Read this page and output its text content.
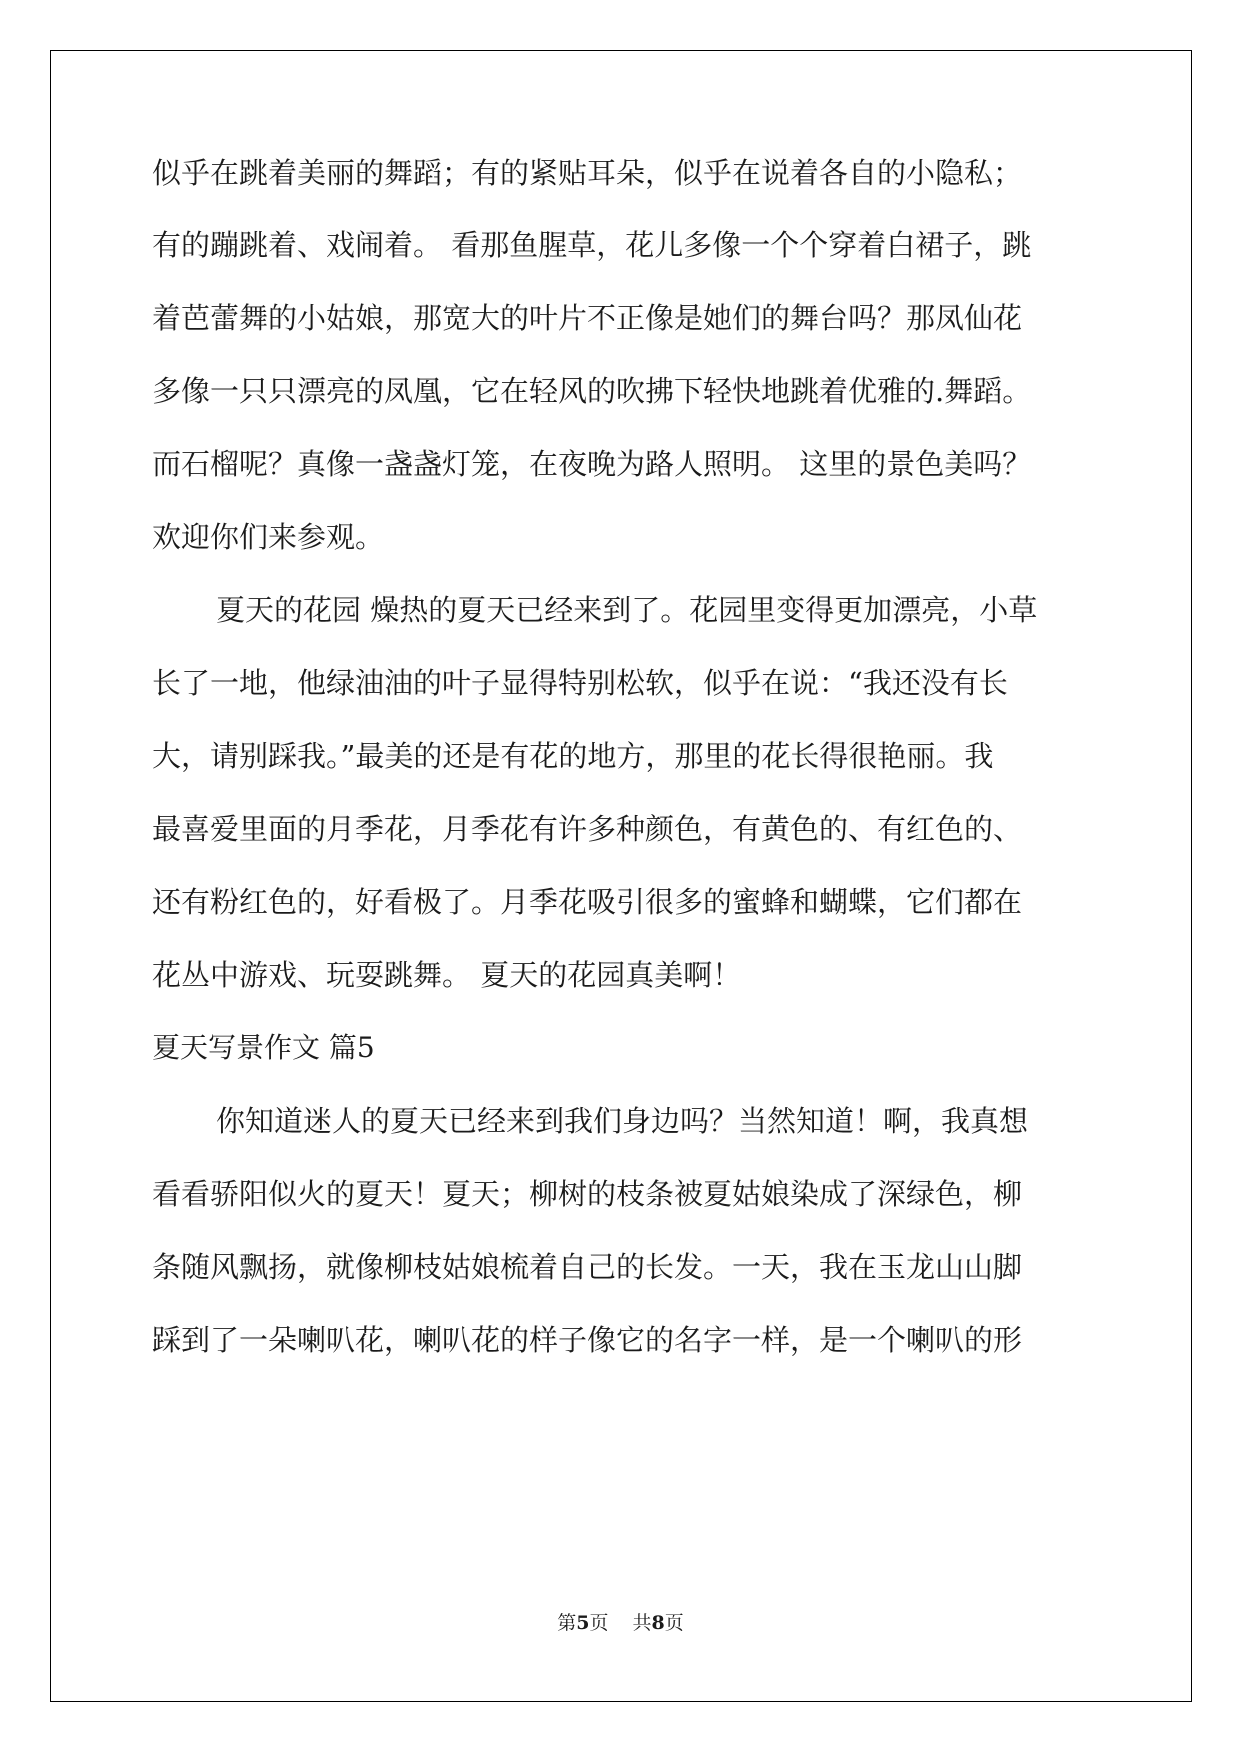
似乎在跳着美丽的舞蹈；有的紧贴耳朵，似乎在说着各自的小隐私；
有的蹦跳着、戏闹着。 看那鱼腥草，花儿多像一个个穿着白裙子，跳
着芭蕾舞的小姑娘，那宽大的叶片不正像是她们的舞台吗？那凤仙花
多像一只只漂亮的凤凰，它在轻风的吹拂下轻快地跳着优雅的.舞蹈。
而石榴呢？真像一盏盏灯笼，在夜晚为路人照明。 这里的景色美吗？
欢迎你们来参观。
夏天的花园 燥热的夏天已经来到了。花园里变得更加漂亮，小草
长了一地，他绿油油的叶子显得特别松软，似乎在说：“我还没有长
大，请别踩我。”最美的还是有花的地方，那里的花长得很艳丽。我
最喜爱里面的月季花，月季花有许多种颜色，有黄色的、有红色的、
还有粉红色的，好看极了。月季花吸引很多的蜜蜂和蝴蝶，它们都在
花丛中游戏、玩耍跳舞。 夏天的花园真美啊！
夏天写景作文 篇5
你知道迷人的夏天已经来到我们身边吗？当然知道！啊，我真想
看看骄阳似火的夏天！夏天；柳树的枝条被夏姑娘染成了深绿色，柳
条随风飘扬，就像柳枝姑娘梳着自己的长发。一天，我在玉龙山山脚
踩到了一朵喇叭花，喇叭花的样子像它的名字一样，是一个喇叭的形
第5页 共8页
